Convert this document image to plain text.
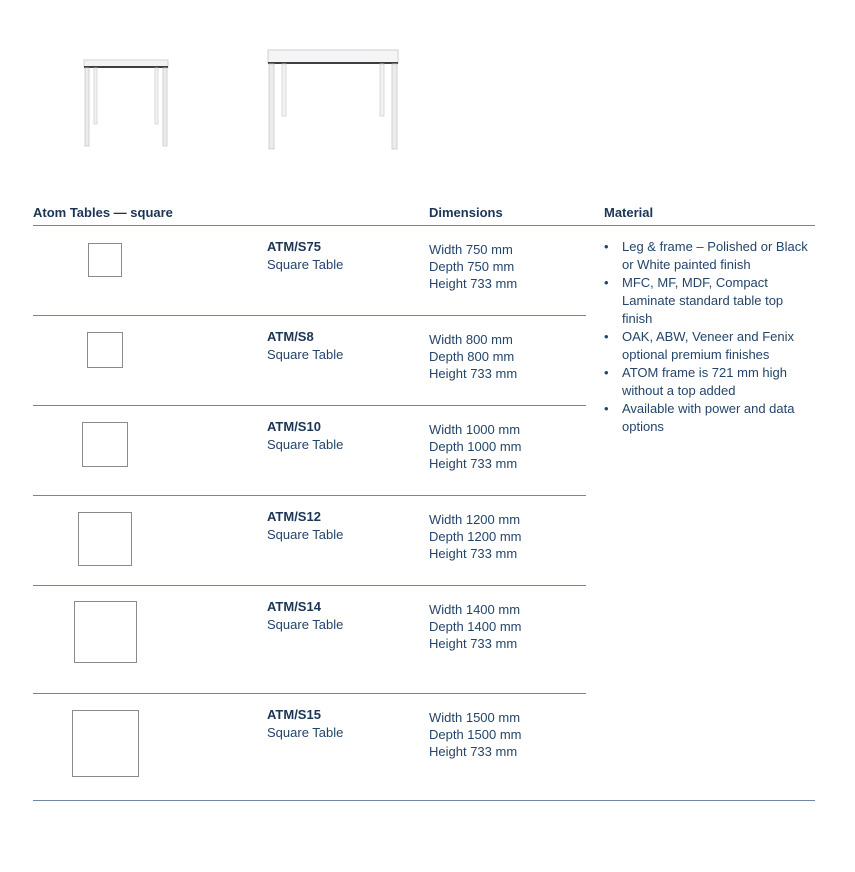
Atom Tables — square	Dimensions	Material
ATM/S75
Square Table
Width 750 mm
Depth 750 mm
Height 733 mm
ATM/S8
Square Table
Width 800 mm
Depth 800 mm
Height 733 mm
ATM/S10
Square Table
Width 1000 mm
Depth 1000 mm
Height 733 mm
ATM/S12
Square Table
Width 1200 mm
Depth 1200 mm
Height 733 mm
ATM/S14
Square Table
Width 1400 mm
Depth 1400 mm
Height 733 mm
ATM/S15
Square Table
Width 1500 mm
Depth 1500 mm
Height 733 mm
• Leg & frame – Polished or Black or White painted finish
• MFC, MF, MDF, Compact Laminate standard table top finish
• OAK, ABW, Veneer and Fenix optional premium finishes
• ATOM frame is 721 mm high without a top added
• Available with power and data options
